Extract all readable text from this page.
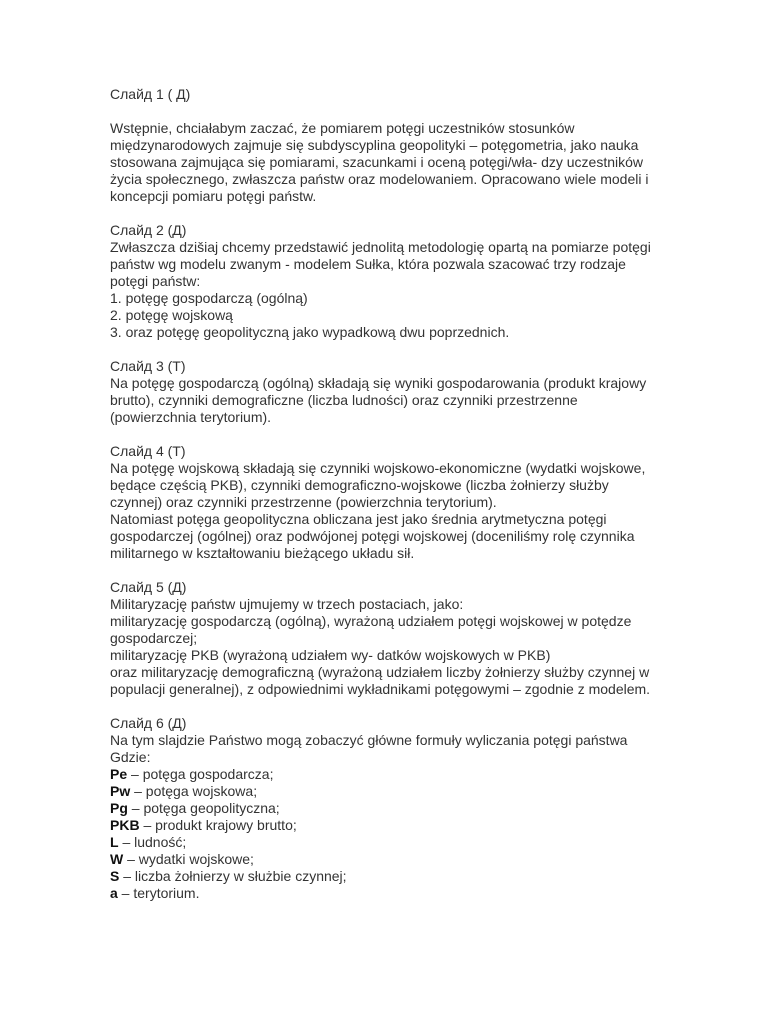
Слайд 1 ( Д)
Wstępnie, chciałabym zaczać, że pomiarem potęgi uczestników stosunków
międzynarodowych zajmuje się subdyscyplina geopolityki – potęgometria, jako nauka
stosowana zajmująca się pomiarami, szacunkami i oceną potęgi/wła- dzy uczestników
życia społecznego, zwłaszcza państw oraz modelowaniem. Opracowano wiele modeli i
koncepcji pomiaru potęgi państw.
Слайд 2 (Д)
Zwłaszcza dzišiaj chcemy przedstawić jednolitą metodologię opartą na pomiarze potęgi
państw wg modelu zwanym - modelem Sułka, która pozwala szacować trzy rodzaje
potęgi państw:
1. potęgę gospodarczą (ogólną)
2. potęgę wojskową
3. oraz potęgę geopolityczną jako wypadkową dwu poprzednich.
Слайд 3 (Т)
Na potęgę gospodarczą (ogólną) składają się wyniki gospodarowania (produkt krajowy
brutto), czynniki demograficzne (liczba ludności) oraz czynniki przestrzenne
(powierzchnia terytorium).
Слайд 4 (Т)
Na potęgę wojskową składają się czynniki wojskowo-ekonomiczne (wydatki wojskowe,
będące częścią PKB), czynniki demograficzno-wojskowe (liczba żołnierzy służby
czynnej) oraz czynniki przestrzenne (powierzchnia terytorium).
Natomiast potęga geopolityczna obliczana jest jako średnia arytmetyczna potęgi
gospodarczej (ogólnej) oraz podwójonej potęgi wojskowej (doceniliśmy rolę czynnika
militarnego w kształtowaniu bieżącego układu sił.
Слайд 5 (Д)
Militaryzację państw ujmujemy w trzech postaciach, jako:
militaryzację gospodarczą (ogólną), wyrażoną udziałem potęgi wojskowej w potędze
gospodarczej;
militaryzację PKB (wyrażoną udziałem wy- datków wojskowych w PKB)
oraz militaryzację demograficzną (wyrażoną udziałem liczby żołnierzy służby czynnej w
populacji generalnej), z odpowiednimi wykładnikami potęgowymi – zgodnie z modelem.
Слайд 6 (Д)
Na tym slajdzie Państwo mogą zobaczyć główne formuły wyliczania potęgi państwa
Gdzie:
Pe – potęga gospodarcza;
Pw – potęga wojskowa;
Pg – potęga geopolityczna;
PKB – produkt krajowy brutto;
L – ludność;
W – wydatki wojskowe;
S – liczba żołnierzy w służbie czynnej;
a – terytorium.
